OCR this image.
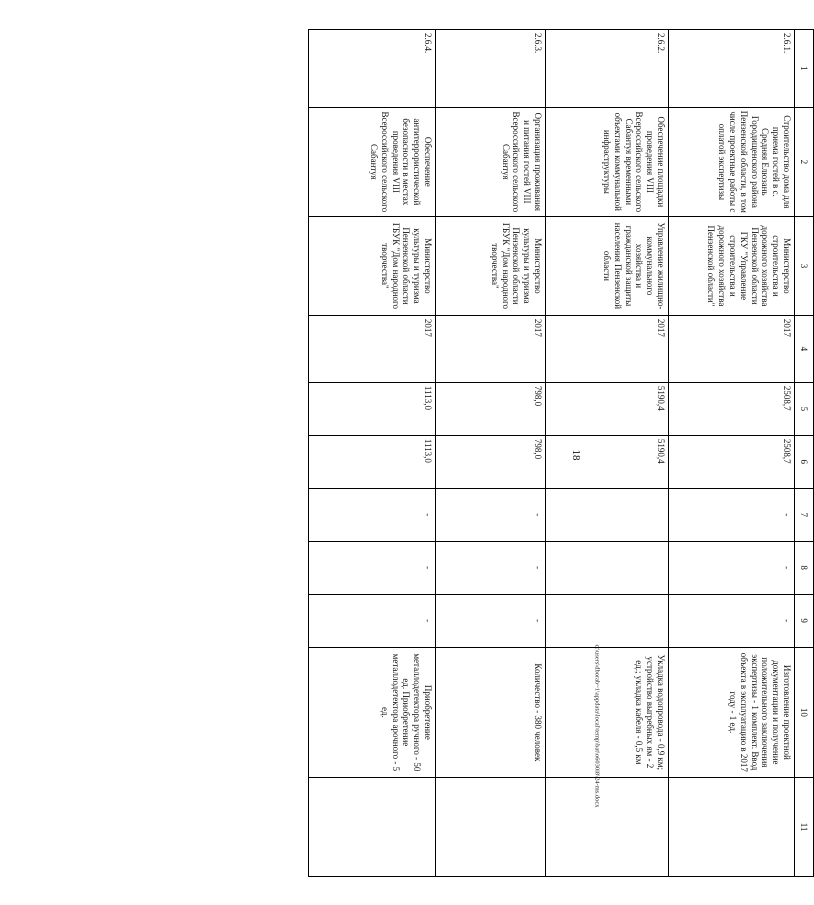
18
1	2	3	4	5	6	7	8	9	10	11
2.6.1.	Строительство дома для приема гостей в с. Средняя Елюзань Городищенского района Пензенской области, в том числе проектные работы с оплатой экспертизы	Министерство строительства и дорожного хозяйства Пензенской области ГКУ "Управление строительства и дорожного хозяйства Пензенской области"	2017	2508,7	2508,7	-	-	-	Изготовление проектной документации и получение положительного заключения экспертизы - 1 комплект. Ввод объекта в эксплуатацию в 2017 году - 1 ед.	
2.6.2.	Обеспечение площадки проведения VIII Всероссийского сельского Сабантуя временными объектами коммунальной инфраструктуры	Управление жилищно-коммунального хозяйства и гражданской защиты населения Пензенской области	2017	5190,4	5190,4				Укладка водопровода - 0,9 км; устройство выгребных ям - 2 ед.; укладка кабеля - 0,5 км	
2.6.3.	Организация проживания и питания гостей VIII Всероссийского сельского Сабантуя	Министерство культуры и туризма Пензенской области ГБУК "Дом народного творчества"	2017	798,0	798,0	-	-	-	Количество - 380 человек	
2.6.4.	Обеспечение антитеррористической безопасности в местах проведения VIII Всероссийского сельского Сабантуя	Министерство культуры и туризма Пензенской области ГБУК "Дом народного творчества"	2017	1113,0	1113,0	-	-	-	Приобретение металлодетектора ручного - 50 ед. Приобретение металлодетектора арочного - 5 ед.		c:\users\dborab~1\appdata\local\temp\bat\o6030i8\24-ms.docx
